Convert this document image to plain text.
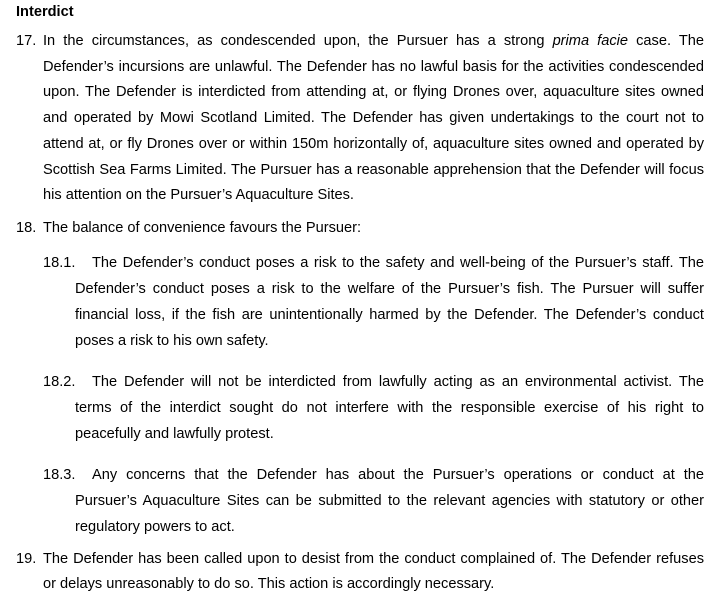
Interdict
17. In the circumstances, as condescended upon, the Pursuer has a strong prima facie case. The Defender’s incursions are unlawful. The Defender has no lawful basis for the activities condescended upon. The Defender is interdicted from attending at, or flying Drones over, aquaculture sites owned and operated by Mowi Scotland Limited. The Defender has given undertakings to the court not to attend at, or fly Drones over or within 150m horizontally of, aquaculture sites owned and operated by Scottish Sea Farms Limited. The Pursuer has a reasonable apprehension that the Defender will focus his attention on the Pursuer’s Aquaculture Sites.
18. The balance of convenience favours the Pursuer:
18.1. The Defender’s conduct poses a risk to the safety and well-being of the Pursuer’s staff. The Defender’s conduct poses a risk to the welfare of the Pursuer’s fish. The Pursuer will suffer financial loss, if the fish are unintentionally harmed by the Defender. The Defender’s conduct poses a risk to his own safety.
18.2. The Defender will not be interdicted from lawfully acting as an environmental activist. The terms of the interdict sought do not interfere with the responsible exercise of his right to peacefully and lawfully protest.
18.3. Any concerns that the Defender has about the Pursuer’s operations or conduct at the Pursuer’s Aquaculture Sites can be submitted to the relevant agencies with statutory or other regulatory powers to act.
19. The Defender has been called upon to desist from the conduct complained of. The Defender refuses or delays unreasonably to do so. This action is accordingly necessary.
